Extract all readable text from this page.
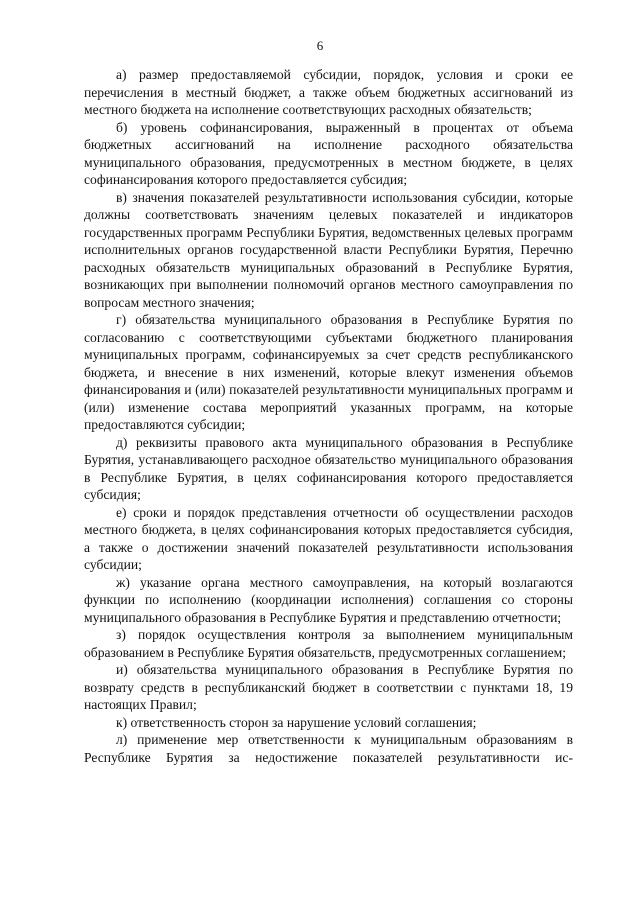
6

а) размер предоставляемой субсидии, порядок, условия и сроки ее перечисления в местный бюджет, а также объем бюджетных ассигнований из местного бюджета на исполнение соответствующих расходных обязательств;

б) уровень софинансирования, выраженный в процентах от объема бюджетных ассигнований на исполнение расходного обязательства муниципального образования, предусмотренных в местном бюджете, в целях софинансирования которого предоставляется субсидия;

в) значения показателей результативности использования субсидии, которые должны соответствовать значениям целевых показателей и индикаторов государственных программ Республики Бурятия, ведомственных целевых программ исполнительных органов государственной власти Республики Бурятия, Перечню расходных обязательств муниципальных образований в Республике Бурятия, возникающих при выполнении полномочий органов местного самоуправления по вопросам местного значения;

г) обязательства муниципального образования в Республике Бурятия по согласованию с соответствующими субъектами бюджетного планирования муниципальных программ, софинансируемых за счет средств республиканского бюджета, и внесение в них изменений, которые влекут изменения объемов финансирования и (или) показателей результативности муниципальных программ и (или) изменение состава мероприятий указанных программ, на которые предоставляются субсидии;

д) реквизиты правового акта муниципального образования в Республике Бурятия, устанавливающего расходное обязательство муниципального образования в Республике Бурятия, в целях софинансирования которого предоставляется субсидия;

е) сроки и порядок представления отчетности об осуществлении расходов местного бюджета, в целях софинансирования которых предоставляется субсидия, а также о достижении значений показателей результативности использования субсидии;

ж) указание органа местного самоуправления, на который возлагаются функции по исполнению (координации исполнения) соглашения со стороны муниципального образования в Республике Бурятия и представлению отчетности;

з) порядок осуществления контроля за выполнением муниципальным образованием в Республике Бурятия обязательств, предусмотренных соглашением;

и) обязательства муниципального образования в Республике Бурятия по возврату средств в республиканский бюджет в соответствии с пунктами 18, 19 настоящих Правил;

к) ответственность сторон за нарушение условий соглашения;

л) применение мер ответственности к муниципальным образованиям в Республике Бурятия за недостижение показателей результативности ис-
